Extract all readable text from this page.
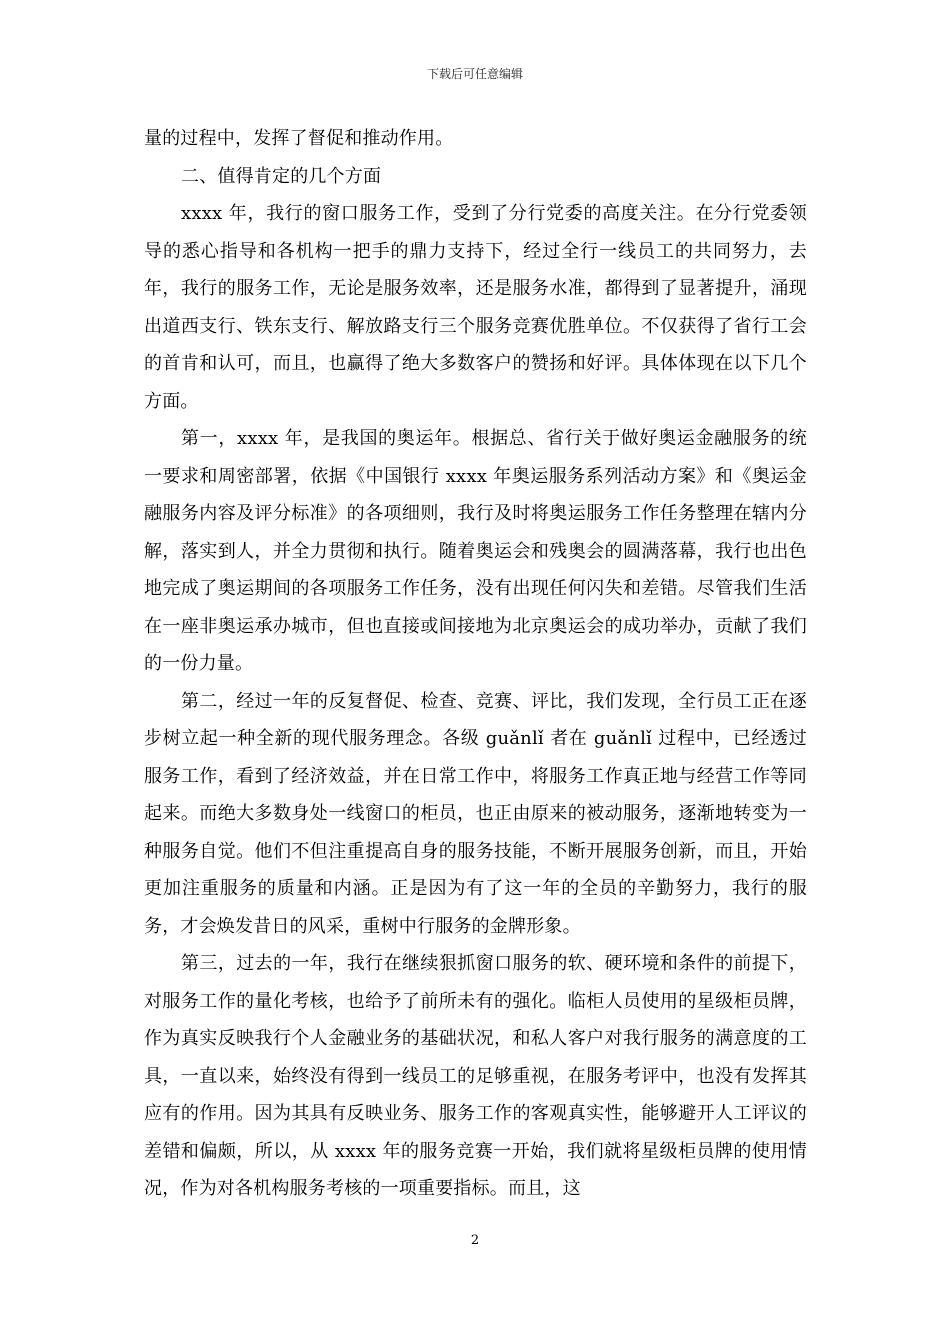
下载后可任意编辑

量的过程中，发挥了督促和推动作用。

二、值得肯定的几个方面

xxxx 年，我行的窗口服务工作，受到了分行党委的高度关注。在分行党委领导的悉心指导和各机构一把手的鼎力支持下，经过全行一线员工的共同努力，去年，我行的服务工作，无论是服务效率，还是服务水准，都得到了显著提升，涌现出道西支行、铁东支行、解放路支行三个服务竞赛优胜单位。不仅获得了省行工会的首肯和认可，而且，也赢得了绝大多数客户的赞扬和好评。具体体现在以下几个方面。

第一，xxxx 年，是我国的奥运年。根据总、省行关于做好奥运金融服务的统一要求和周密部署，依据《中国银行 xxxx 年奥运服务系列活动方案》和《奥运金融服务内容及评分标准》的各项细则，我行及时将奥运服务工作任务整理在辖内分解，落实到人，并全力贯彻和执行。随着奥运会和残奥会的圆满落幕，我行也出色地完成了奥运期间的各项服务工作任务，没有出现任何闪失和差错。尽管我们生活在一座非奥运承办城市，但也直接或间接地为北京奥运会的成功举办，贡献了我们的一份力量。

第二，经过一年的反复督促、检查、竞赛、评比，我们发现，全行员工正在逐步树立起一种全新的现代服务理念。各级 guǎnlǐ 者在 guǎnlǐ 过程中，已经透过服务工作，看到了经济效益，并在日常工作中，将服务工作真正地与经营工作等同起来。而绝大多数身处一线窗口的柜员，也正由原来的被动服务，逐渐地转变为一种服务自觉。他们不但注重提高自身的服务技能，不断开展服务创新，而且，开始更加注重服务的质量和内涵。正是因为有了这一年的全员的辛勤努力，我行的服务，才会焕发昔日的风采，重树中行服务的金牌形象。

第三，过去的一年，我行在继续狠抓窗口服务的软、硬环境和条件的前提下，对服务工作的量化考核，也给予了前所未有的强化。临柜人员使用的星级柜员牌，作为真实反映我行个人金融业务的基础状况，和私人客户对我行服务的满意度的工具，一直以来，始终没有得到一线员工的足够重视，在服务考评中，也没有发挥其应有的作用。因为其具有反映业务、服务工作的客观真实性，能够避开人工评议的差错和偏颇，所以，从 xxxx 年的服务竞赛一开始，我们就将星级柜员牌的使用情况，作为对各机构服务考核的一项重要指标。而且，这

2
